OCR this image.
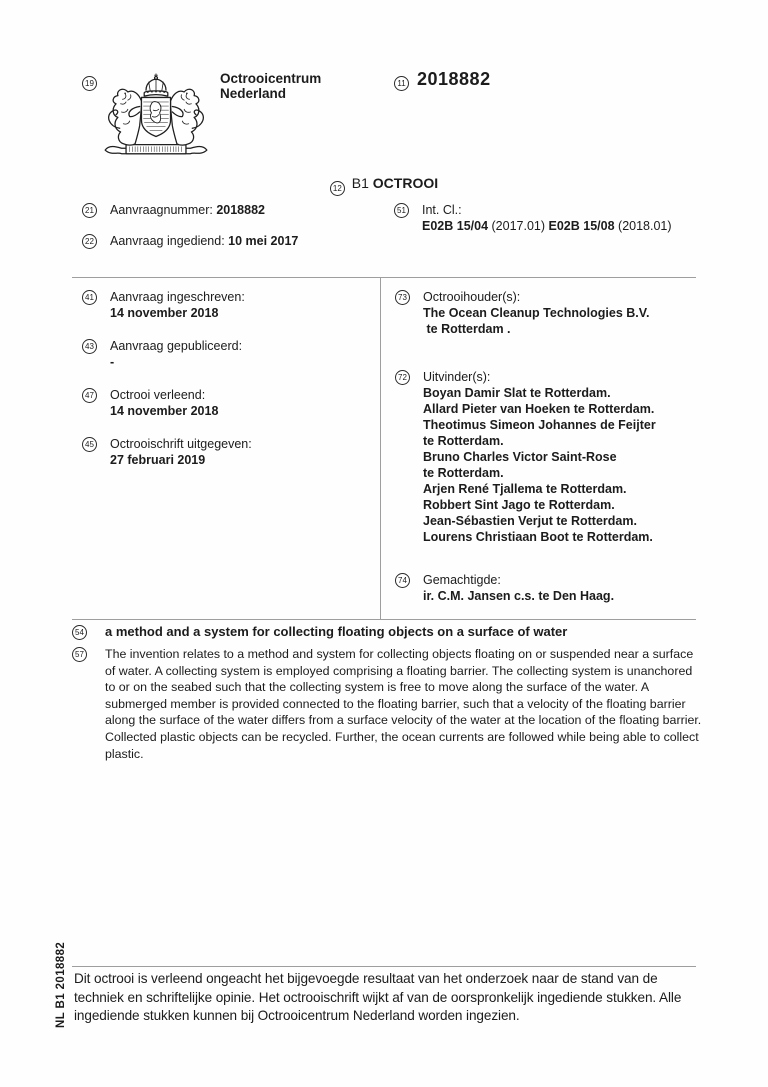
19	Octrooicentrum
Nederland
11 2018882
12 B1 OCTROOI
21 Aanvraagnummer: 2018882
22 Aanvraag ingediend: 10 mei 2017
51 Int. Cl.:
E02B 15/04 (2017.01) E02B 15/08 (2018.01)
41 Aanvraag ingeschreven:
14 november 2018
43 Aanvraag gepubliceerd:
-
47 Octrooi verleend:
14 november 2018
45 Octrooischrift uitgegeven:
27 februari 2019
73 Octrooihouder(s):
The Ocean Cleanup Technologies B.V.
te Rotterdam .
72 Uitvinder(s):
Boyan Damir Slat te Rotterdam.
Allard Pieter van Hoeken te Rotterdam.
Theotimus Simeon Johannes de Feijter
te Rotterdam.
Bruno Charles Victor Saint-Rose
te Rotterdam.
Arjen René Tjallema te Rotterdam.
Robbert Sint Jago te Rotterdam.
Jean-Sébastien Verjut te Rotterdam.
Lourens Christiaan Boot te Rotterdam.
74 Gemachtigde:
ir. C.M. Jansen c.s. te Den Haag.
54 a method and a system for collecting floating objects on a surface of water
57 The invention relates to a method and system for collecting objects floating on or suspended near a surface of water. A collecting system is employed comprising a floating barrier. The collecting system is unanchored to or on the seabed such that the collecting system is free to move along the surface of the water. A submerged member is provided connected to the floating barrier, such that a velocity of the floating barrier along the surface of the water differs from a surface velocity of the water at the location of the floating barrier. Collected plastic objects can be recycled. Further, the ocean currents are followed while being able to collect plastic.
NL B1 2018882 Dit octrooi is verleend ongeacht het bijgevoegde resultaat van het onderzoek naar de stand van de techniek en schriftelijke opinie. Het octrooischrift wijkt af van de oorspronkelijk ingediende stukken. Alle ingediende stukken kunnen bij Octrooicentrum Nederland worden ingezien.
